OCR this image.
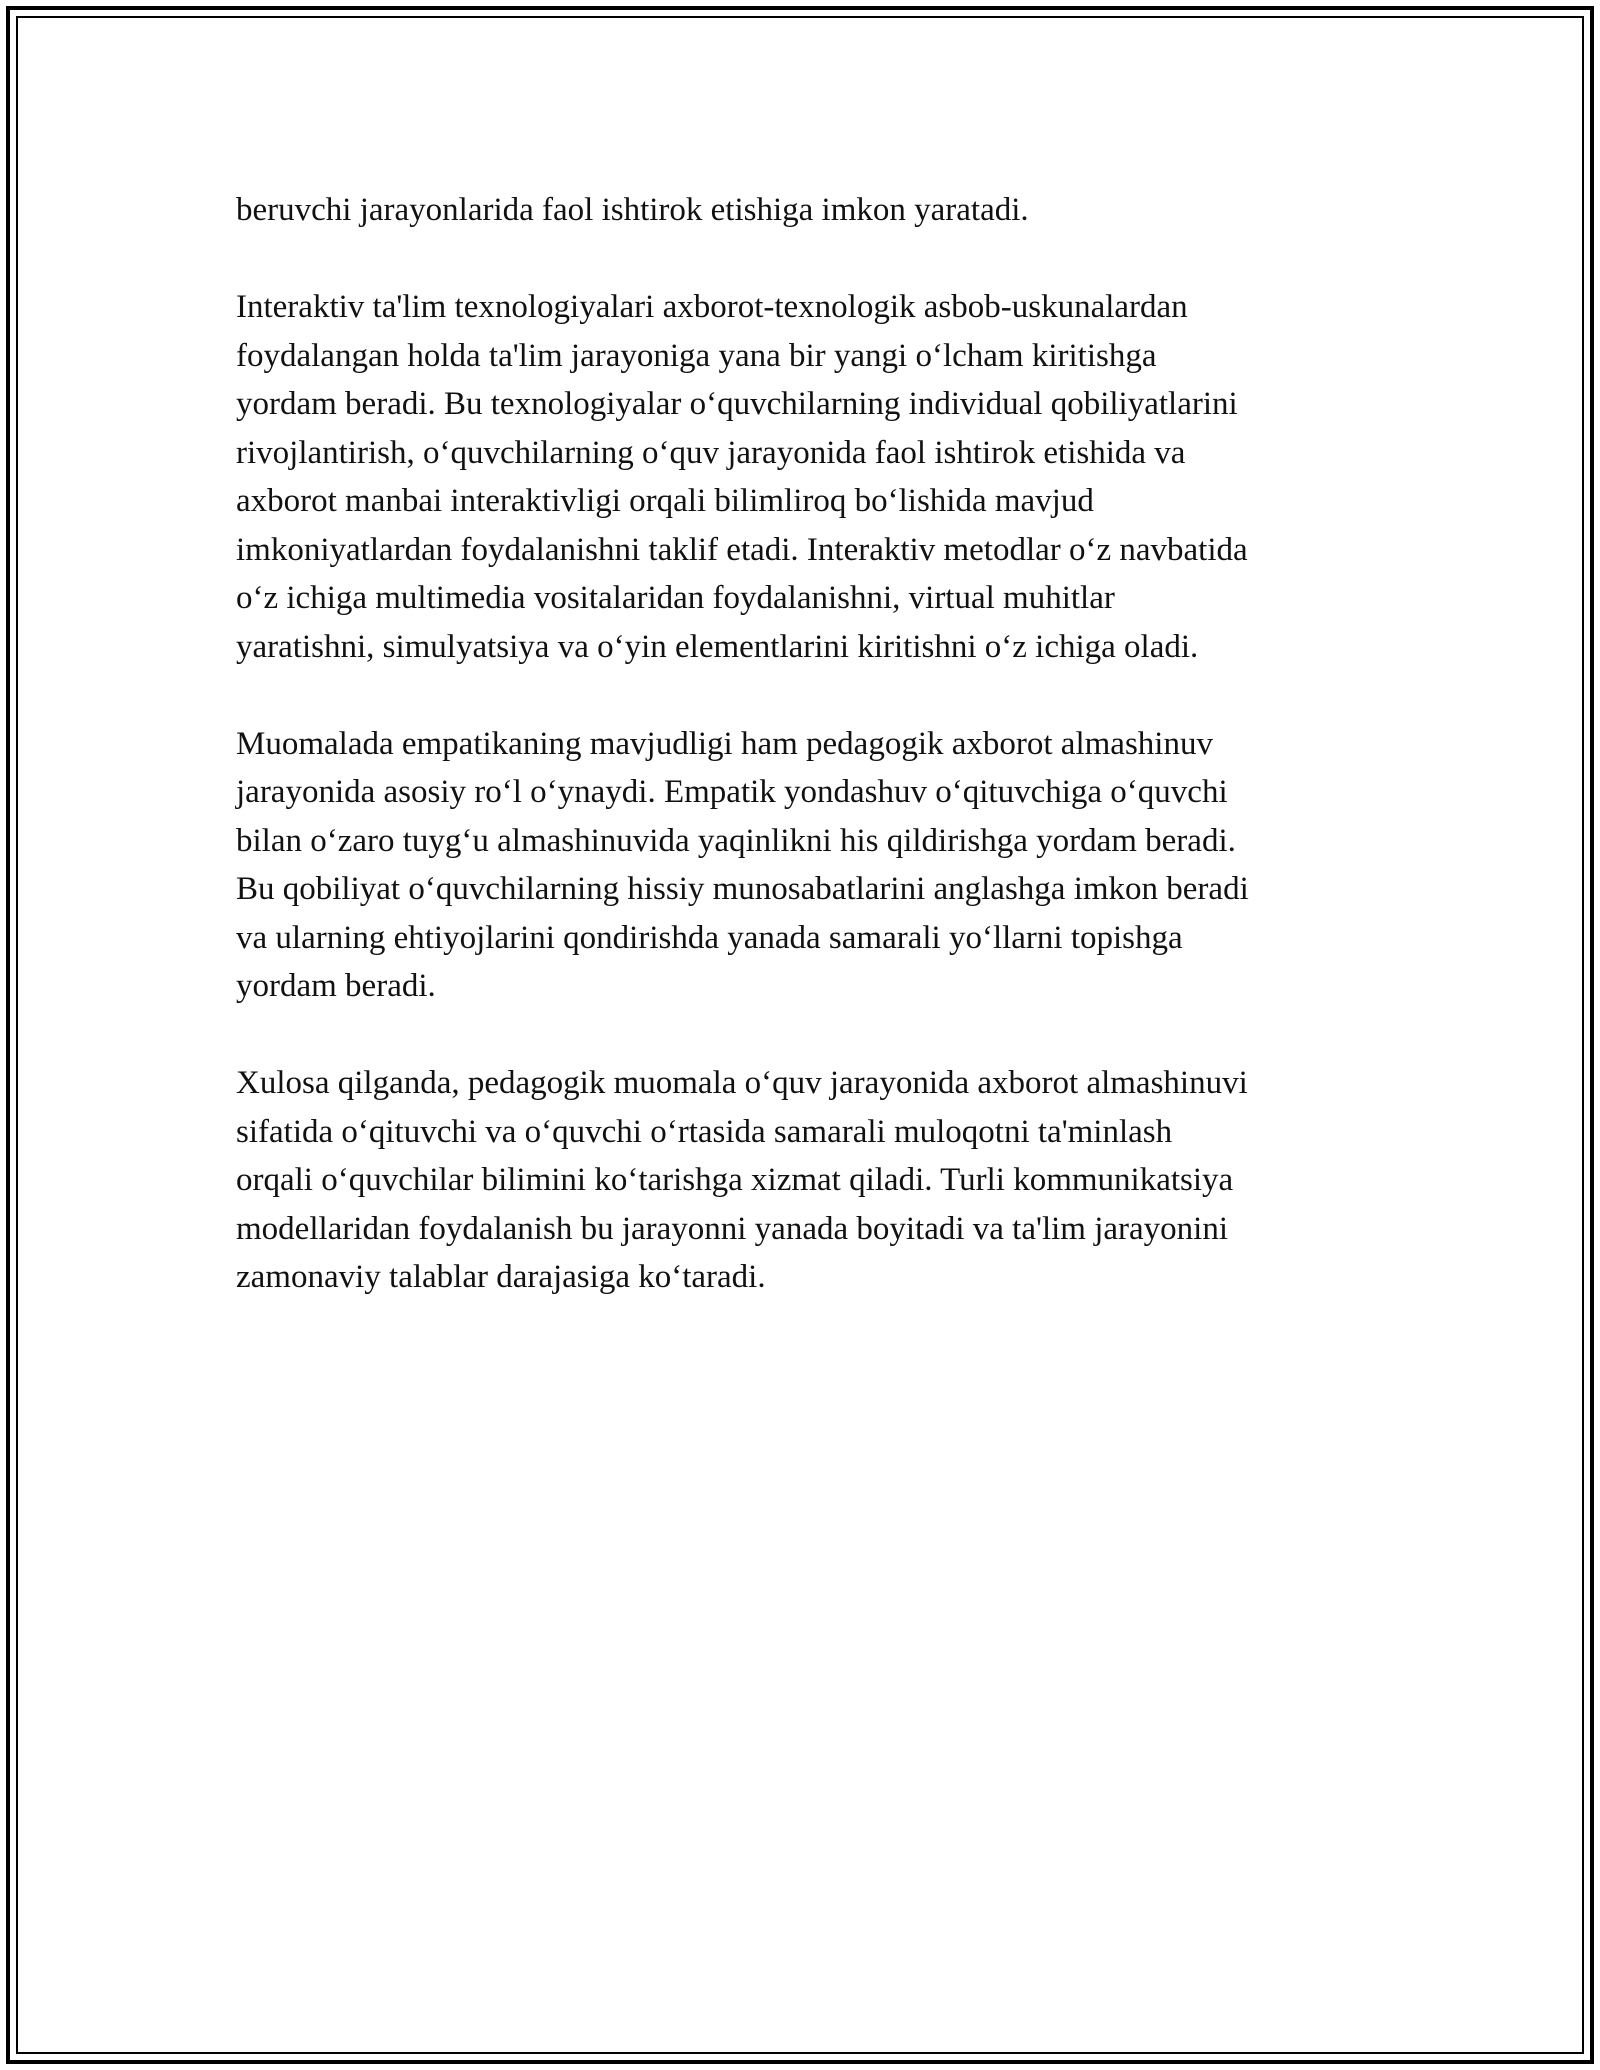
beruvchi jarayonlarida faol ishtirok etishiga imkon yaratadi.

Interaktiv ta'lim texnologiyalari axborot-texnologik asbob-uskunalardan
foydalangan holda ta'lim jarayoniga yana bir yangi o‘lcham kiritishga
yordam beradi. Bu texnologiyalar o‘quvchilarning individual qobiliyatlarini
rivojlantirish, o‘quvchilarning o‘quv jarayonida faol ishtirok etishida va
axborot manbai interaktivligi orqali bilimliroq bo‘lishida mavjud
imkoniyatlardan foydalanishni taklif etadi. Interaktiv metodlar o‘z navbatida
o‘z ichiga multimedia vositalaridan foydalanishni, virtual muhitlar
yaratishni, simulyatsiya va o‘yin elementlarini kiritishni o‘z ichiga oladi.

Muomalada empatikaning mavjudligi ham pedagogik axborot almashinuv
jarayonida asosiy ro‘l o‘ynaydi. Empatik yondashuv o‘qituvchiga o‘quvchi
bilan o‘zaro tuyg‘u almashinuvida yaqinlikni his qildirishga yordam beradi.
Bu qobiliyat o‘quvchilarning hissiy munosabatlarini anglashga imkon beradi
va ularning ehtiyojlarini qondirishda yanada samarali yo‘llarni topishga
yordam beradi.

Xulosa qilganda, pedagogik muomala o‘quv jarayonida axborot almashinuvi
sifatida o‘qituvchi va o‘quvchi o‘rtasida samarali muloqotni ta'minlash
orqali o‘quvchilar bilimini ko‘tarishga xizmat qiladi. Turli kommunikatsiya
modellaridan foydalanish bu jarayonni yanada boyitadi va ta'lim jarayonini
zamonaviy talablar darajasiga ko‘taradi.
